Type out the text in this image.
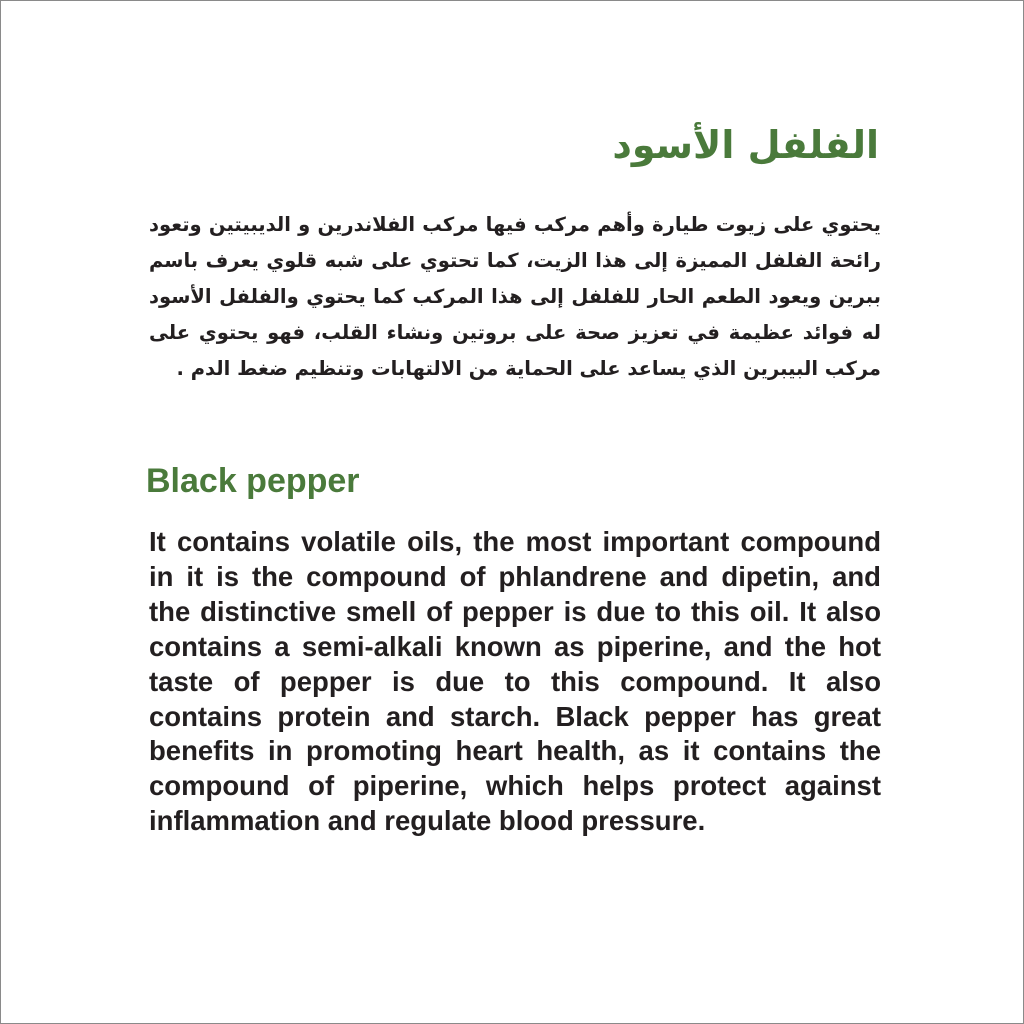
الفلفل الأسود

يحتوي على زيوت طيارة وأهم مركب فيها مركب الفلاندرين و الديبيتين وتعود رائحة الفلفل المميزة إلى هذا الزيت، كما تحتوي على شبه قلوي يعرف باسم ببرين ويعود الطعم الحار للفلفل إلى هذا المركب كما يحتوي والفلفل الأسود له فوائد عظيمة في تعزيز صحة على بروتين ونشاء القلب، فهو يحتوي على مركب البيبرين الذي يساعد على الحماية من الالتهابات وتنظيم ضغط الدم .

Black pepper

It contains volatile oils, the most important compound in it is the compound of phlandrene and dipetin, and the distinctive smell of pepper is due to this oil. It also contains a semi-alkali known as piperine, and the hot taste of pepper is due to this compound. It also contains protein and starch. Black pepper has great benefits in promoting heart health, as it contains the compound of piperine, which helps protect against inflammation and regulate blood pressure.
